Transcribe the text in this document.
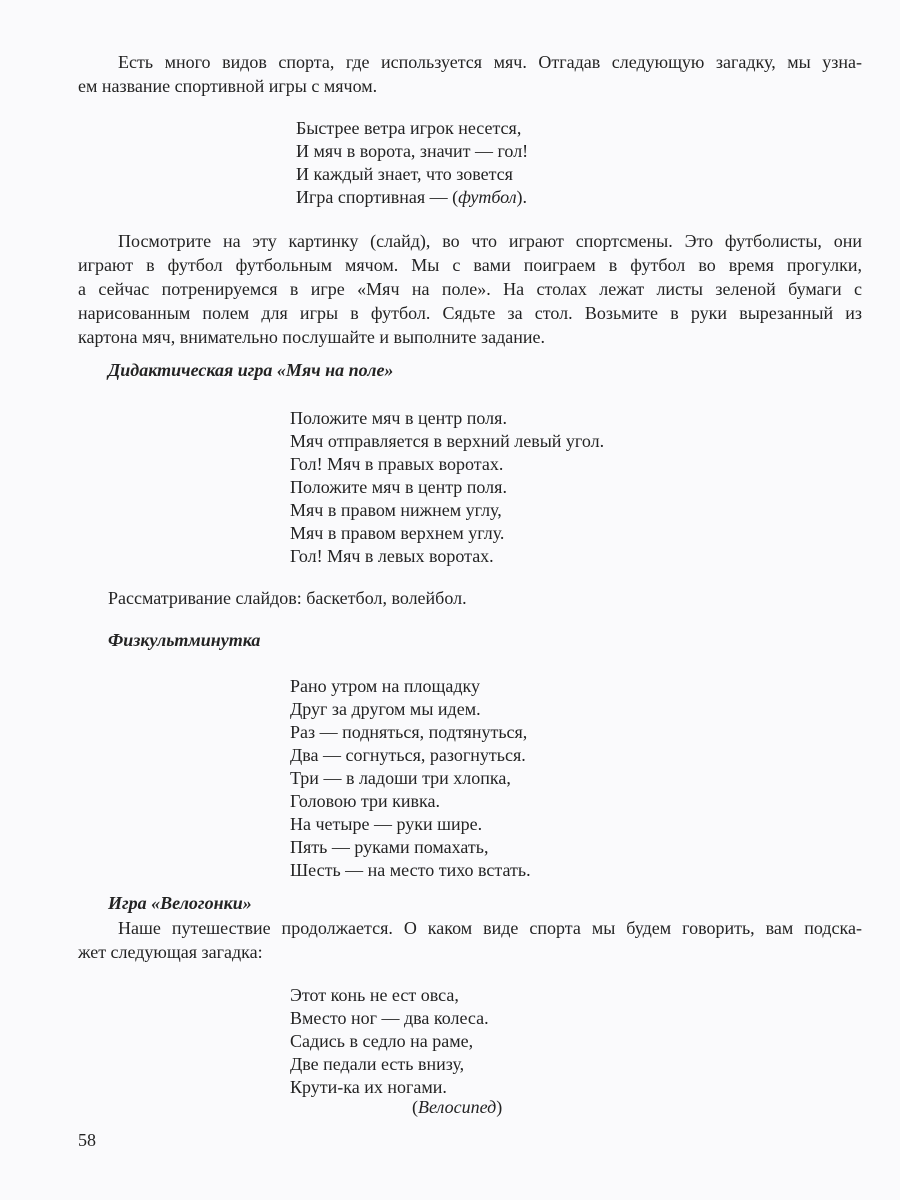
Есть много видов спорта, где используется мяч. Отгадав следующую загадку, мы узна-
ем название спортивной игры с мячом.
Быстрее ветра игрок несется,
И мяч в ворота, значит — гол!
И каждый знает, что зовется
Игра спортивная — (футбол).
Посмотрите на эту картинку (слайд), во что играют спортсмены. Это футболисты, они
играют в футбол футбольным мячом. Мы с вами поиграем в футбол во время прогулки,
а сейчас потренируемся в игре «Мяч на поле». На столах лежат листы зеленой бумаги с
нарисованным полем для игры в футбол. Сядьте за стол. Возьмите в руки вырезанный из
картона мяч, внимательно послушайте и выполните задание.
Дидактическая игра «Мяч на поле»
Положите мяч в центр поля.
Мяч отправляется в верхний левый угол.
Гол! Мяч в правых воротах.
Положите мяч в центр поля.
Мяч в правом нижнем углу,
Мяч в правом верхнем углу.
Гол! Мяч в левых воротах.
Рассматривание слайдов: баскетбол, волейбол.
Физкультминутка
Рано утром на площадку
Друг за другом мы идем.
Раз — подняться, подтянуться,
Два — согнуться, разогнуться.
Три — в ладоши три хлопка,
Головою три кивка.
На четыре — руки шире.
Пять — руками помахать,
Шесть — на место тихо встать.
Игра «Велогонки»
Наше путешествие продолжается. О каком виде спорта мы будем говорить, вам подска-
жет следующая загадка:
Этот конь не ест овса,
Вместо ног — два колеса.
Садись в седло на раме,
Две педали есть внизу,
Крути-ка их ногами.
(Велосипед)
58
